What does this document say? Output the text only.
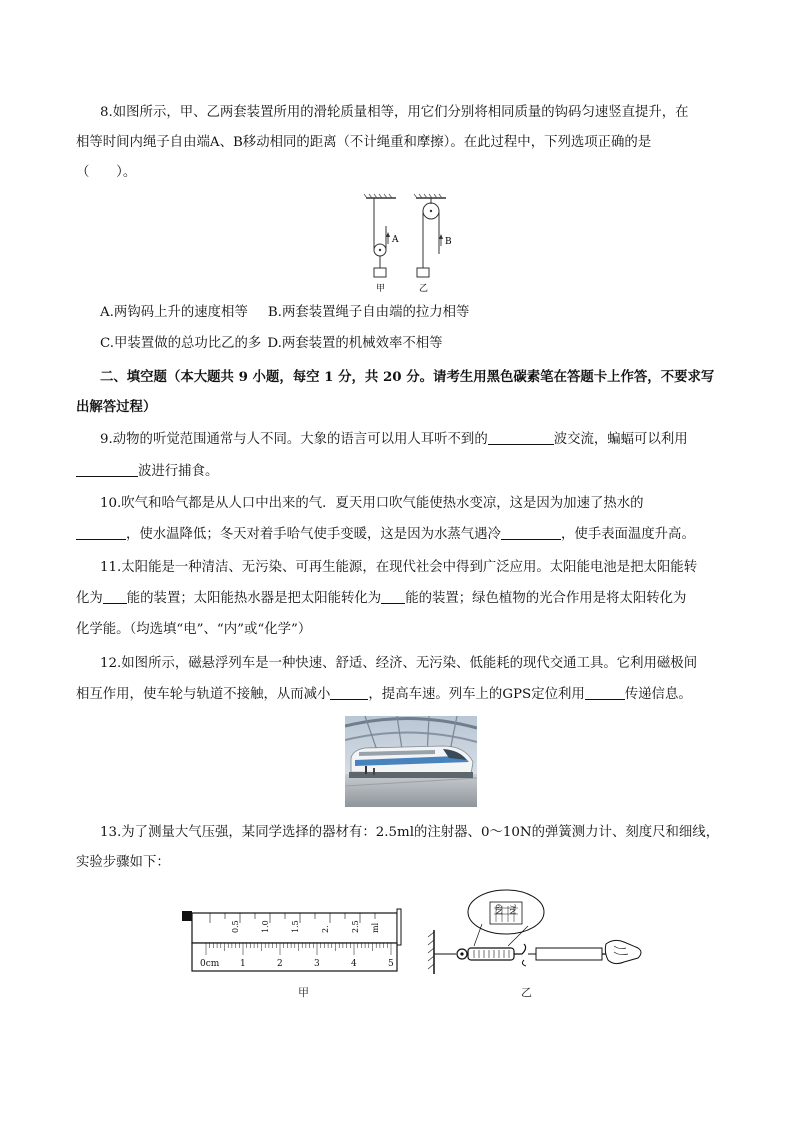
8.如图所示，甲、乙两套装置所用的滑轮质量相等，用它们分别将相同质量的钩码匀速竖直提升，在
相等时间内绳子自由端A、B移动相同的距离（不计绳重和摩擦）。在此过程中，下列选项正确的是
（　　）。
A	B
甲	乙
A.两钩码上升的速度相等 B.两套装置绳子自由端的拉力相等
C.甲装置做的总功比乙的多 D.两套装置的机械效率不相等
二、填空题（本大题共 9 小题，每空 1 分，共 20 分。请考生用黑色碳素笔在答题卡上作答，不要求写
出解答过程）
9.动物的听觉范围通常与人不同。大象的语言可以用人耳听不到的	波交流，蝙蝠可以利用
波进行捕食。
10.吹气和哈气都是从人口中出来的气．夏天用口吹气能使热水变凉，这是因为加速了热水的
，使水温降低；冬天对着手哈气使手变暖，这是因为水蒸气遇冷	，使手表面温度升高。
11.太阳能是一种清洁、无污染、可再生能源，在现代社会中得到广泛应用。太阳能电池是把太阳能转
化为 能的装置；太阳能热水器是把太阳能转化为 能的装置；绿色植物的光合作用是将太阳转化为
化学能。（均选填“电”、“内”或“化学”）
12.如图所示，磁悬浮列车是一种快速、舒适、经济、无污染、低能耗的现代交通工具。它利用磁极间
相互作用，使车轮与轨道不接触，从而减小	，提高车速。列车上的GPS定位利用	传递信息。
13.为了测量大气压强，某同学选择的器材有：2.5ml的注射器、0～10N的弹簧测力计、刻度尺和细线，
实验步骤如下：
0.5	1.0	1.5	2.	2.5 ml
0cm 1	2	3	4	5
甲
6N 7N
乙
